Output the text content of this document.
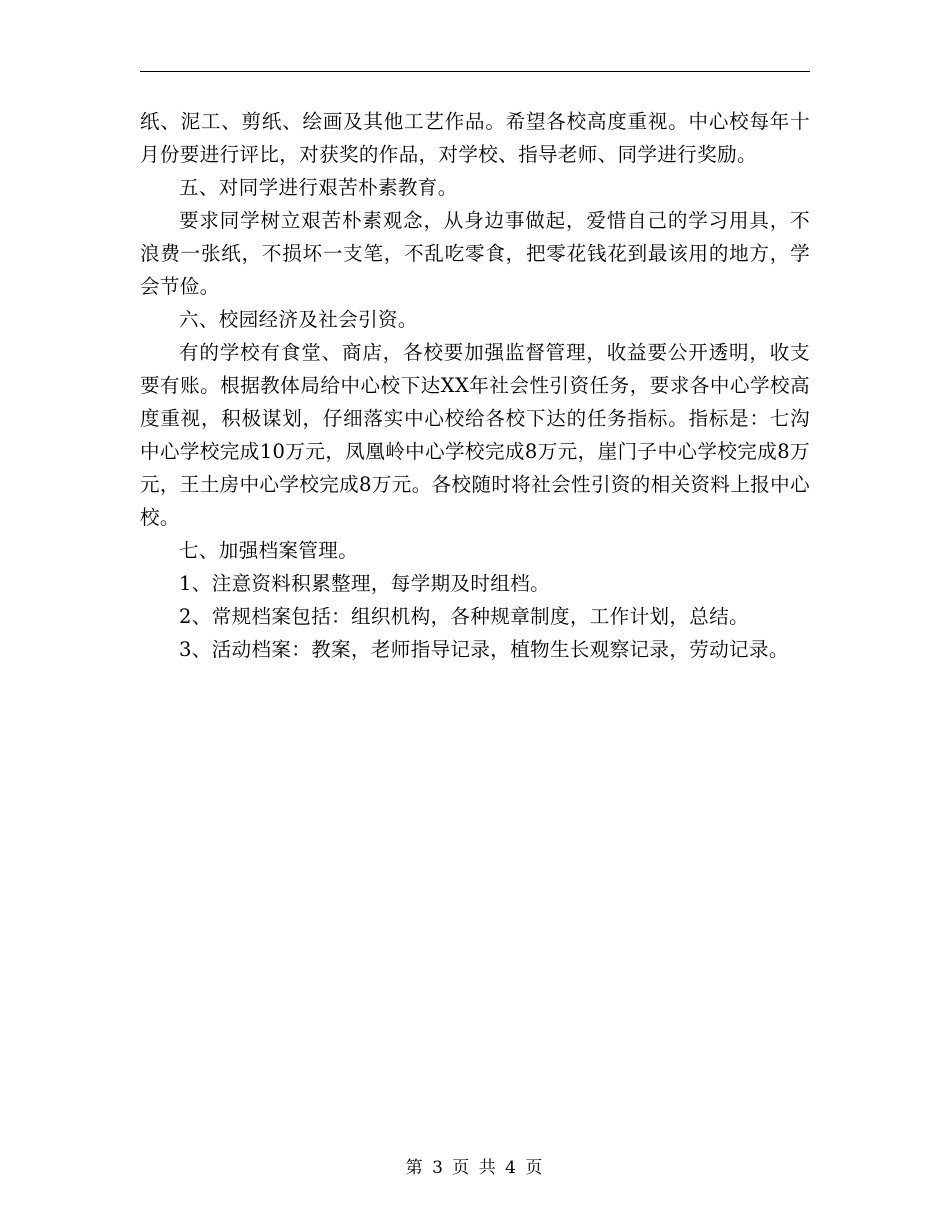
纸、泥工、剪纸、绘画及其他工艺作品。希望各校高度重视。中心校每年十月份要进行评比，对获奖的作品，对学校、指导老师、同学进行奖励。

五、对同学进行艰苦朴素教育。

要求同学树立艰苦朴素观念，从身边事做起，爱惜自己的学习用具，不浪费一张纸，不损坏一支笔，不乱吃零食，把零花钱花到最该用的地方，学会节俭。

六、校园经济及社会引资。

有的学校有食堂、商店，各校要加强监督管理，收益要公开透明，收支要有账。根据教体局给中心校下达XX年社会性引资任务，要求各中心学校高度重视，积极谋划，仔细落实中心校给各校下达的任务指标。指标是：七沟中心学校完成10万元，凤凰岭中心学校完成8万元，崖门子中心学校完成8万元，王土房中心学校完成8万元。各校随时将社会性引资的相关资料上报中心校。

七、加强档案管理。

1、注意资料积累整理，每学期及时组档。

2、常规档案包括：组织机构，各种规章制度，工作计划，总结。

3、活动档案：教案，老师指导记录，植物生长观察记录，劳动记录。

第 3 页 共 4 页
